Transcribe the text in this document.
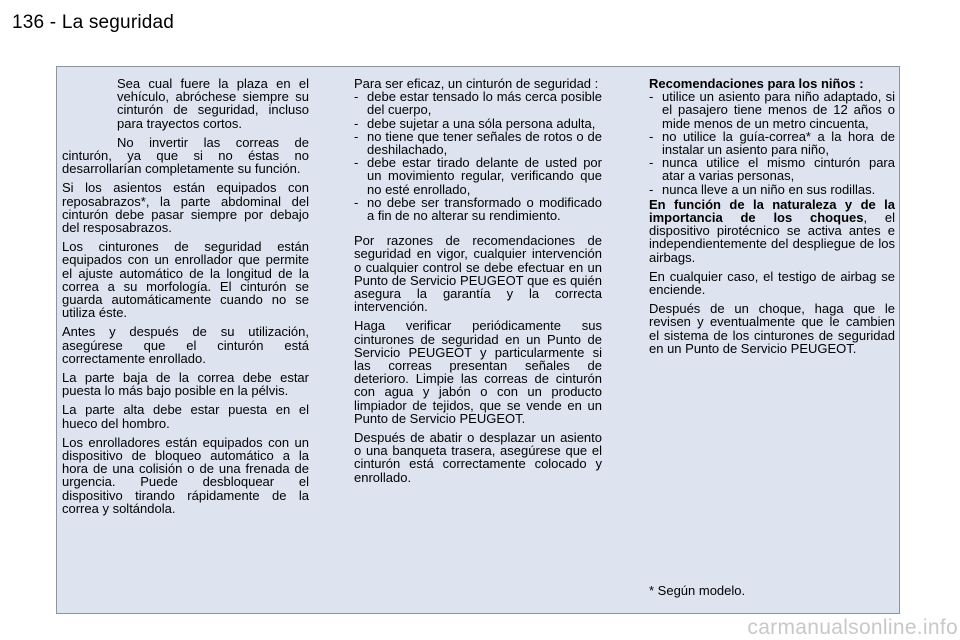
136 - La seguridad

Sea cual fuere la plaza en el vehículo, abróchese siempre su cinturón de seguridad, incluso para trayectos cortos.

No invertir las correas de cinturón, ya que si no éstas no desarrollarían completamente su función.

Si los asientos están equipados con reposabrazos*, la parte abdominal del cinturón debe pasar siempre por debajo del resposabrazos.

Los cinturones de seguridad están equipados con un enrollador que permite el ajuste automático de la longitud de la correa a su morfología. El cinturón se guarda automáticamente cuando no se utiliza éste.

Antes y después de su utilización, asegúrese que el cinturón está correctamente enrollado.

La parte baja de la correa debe estar puesta lo más bajo posible en la pélvis.

La parte alta debe estar puesta en el hueco del hombro.

Los enrolladores están equipados con un dispositivo de bloqueo automático a la hora de una colisión o de una frenada de urgencia. Puede desbloquear el dispositivo tirando rápidamente de la correa y soltándola.

Para ser eficaz, un cinturón de seguridad :

- debe estar tensado lo más cerca posible del cuerpo,
- debe sujetar a una sóla persona adulta,
- no tiene que tener señales de rotos o de deshilachado,
- debe estar tirado delante de usted por un movimiento regular, verificando que no esté enrollado,
- no debe ser transformado o modificado a fin de no alterar su rendimiento.

Por razones de recomendaciones de seguridad en vigor, cualquier intervención o cualquier control se debe efectuar en un Punto de Servicio PEUGEOT que es quién asegura la garantía y la correcta intervención.

Haga verificar periódicamente sus cinturones de seguridad en un Punto de Servicio PEUGEOT y particularmente si las correas presentan señales de deterioro. Limpie las correas de cinturón con agua y jabón o con un producto limpiador de tejidos, que se vende en un Punto de Servicio PEUGEOT.

Después de abatir o desplazar un asiento o una banqueta trasera, asegúrese que el cinturón está correctamente colocado y enrollado.

Recomendaciones para los niños :

- utilice un asiento para niño adaptado, si el pasajero tiene menos de 12 años o mide menos de un metro cincuenta,
- no utilice la guía-correa* a la hora de instalar un asiento para niño,
- nunca utilice el mismo cinturón para atar a varias personas,
- nunca lleve a un niño en sus rodillas.

En función de la naturaleza y de la importancia de los choques, el dispositivo pirotécnico se activa antes e independientemente del despliegue de los airbags.

En cualquier caso, el testigo de airbag se enciende.

Después de un choque, haga que le revisen y eventualmente que le cambien el sistema de los cinturones de seguridad en un Punto de Servicio PEUGEOT.

* Según modelo.
carmanualsonline.info
